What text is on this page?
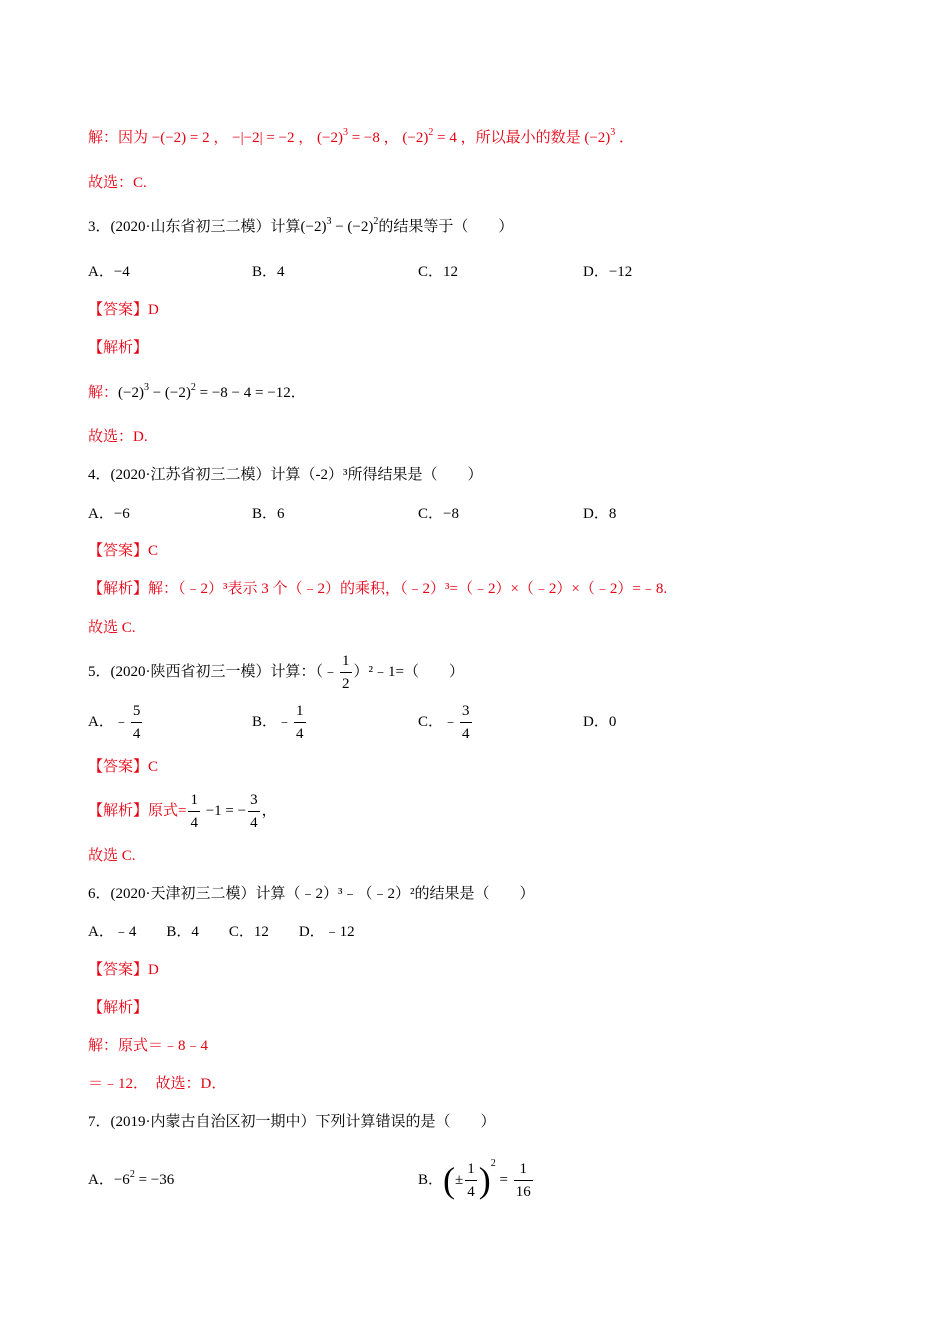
解：因为 −(−2) = 2 ， −|−2| = −2 ， $(-2)^3 = -8$ ， $(-2)^2 = 4$ ，所以最小的数是 $(-2)^3$ ．
故选：C.
3．(2020·山东省初三二模）计算$(-2)^3 - (-2)^2$的结果等于（　　）
A．−4	B．4	C．12	D．−12
【答案】D
【解析】
解：$(-2)^3 - (-2)^2 = -8 - 4 = -12$．
故选：D.
4．(2020·江苏省初三二模）计算（-2）³所得结果是（　　）
A．−6	B．6	C．−8	D．8
【答案】C
【解析】解：（﹣2）³表示 3 个（﹣2）的乘积，（﹣2）³=（﹣2）×（﹣2）×（﹣2）=﹣8.
故选 C.
5．(2020·陕西省初三一模）计算：（﹣ $\frac{1}{2}$ ）²﹣1=（　　）
A．﹣ $\frac{5}{4}$	B．﹣ $\frac{1}{4}$	C．﹣ $\frac{3}{4}$	D．0
【答案】C
【解析】原式= $\frac{1}{4} -1$ = − $\frac{3}{4}$ ，
故选 C.
6．(2020·天津初三二模）计算（﹣2）³﹣（﹣2）²的结果是（　　）
A．﹣4　　B．4　　C．12　　D．﹣12
【答案】D
【解析】
解：原式＝﹣8﹣4
＝﹣12．　故选：D．
7．(2019·内蒙古自治区初一期中）下列计算错误的是（　　）
A．$-6^2 = -36$	B．(± $\frac{1}{4} )^2 = \frac{1}{16}$
